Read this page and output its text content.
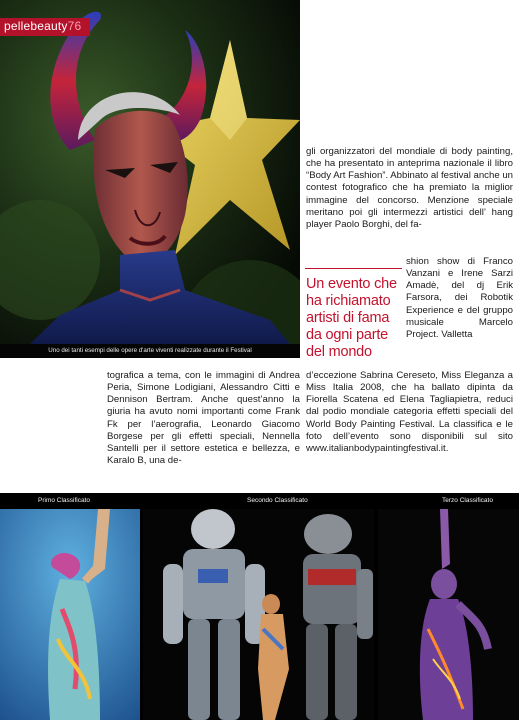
pellebeauty76
Uno dei tanti esempi delle opere d'arte viventi realizzate durante il Festival

gli organizzatori del mondiale di body painting, che ha presentato in anteprima nazionale il libro “Body Art Fashion”. Abbinato al festival anche un contest fotografico che ha premiato la miglior immagine del concorso. Menzione speciale meritano poi gli intermezzi artistici dell’ hang player Paolo Borghi, del fa-

Un evento che ha richiamato artisti di fama da ogni parte del mondo

shion show di Franco Vanzani e Irene Sarzi Amadè, del dj Erik Farsora, dei Robotik Experience e del gruppo musicale Marcelo Project. Valletta

tografica a tema, con le immagini di Andrea Peria, Simone Lodigiani, Alessandro Citti e Dennison Bertram. Anche quest’anno la giuria ha avuto nomi importanti come Frank Fk per l’aerografia, Leonardo Giacomo Borgese per gli effetti speciali, Nennella Santelli per il settore estetica e bellezza, e Karalo B, una de-

d’eccezione Sabrina Cereseto, Miss Eleganza a Miss Italia 2008, che ha ballato dipinta da Fiorella Scatena ed Elena Tagliapietra, reduci dal podio mondiale categoria effetti speciali del World Body Painting Festival. La classifica e le foto dell’evento sono disponibili sul sito www.italianbodypaintingfestival.it.

Primo Classificato	Secondo Classificato	Terzo Classificato
